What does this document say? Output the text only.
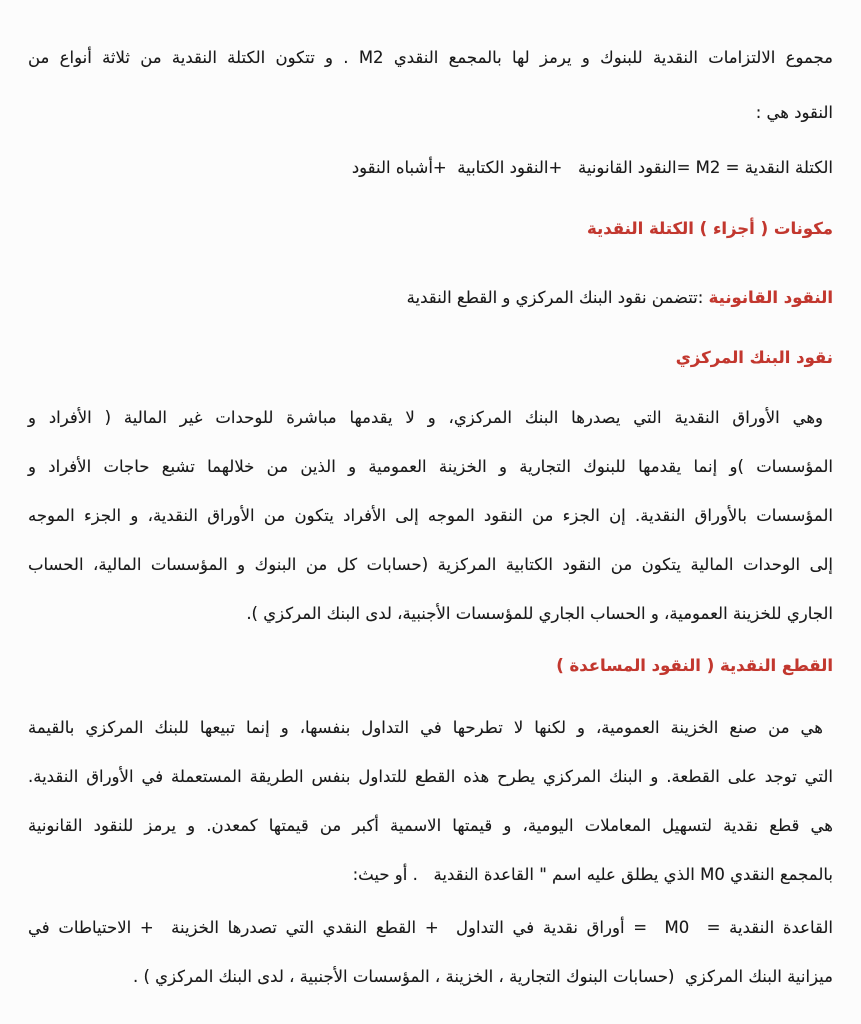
مجموع الالتزامات النقدية للبنوك و يرمز لها بالمجمع النقدي M2 . و تتكون الكتلة النقدية من ثلاثة أنواع من
النقود هي :
الكتلة النقدية = M2 =النقود القانونية   +النقود الكتابية  +أشباه النقود
مكونات ( أجزاء ) الكتلة النقدية
النقود القانونية :تتضمن نقود البنك المركزي و القطع النقدية
نقود البنك المركزي
وهي الأوراق النقدية التي يصدرها البنك المركزي، و لا يقدمها مباشرة للوحدات غير المالية ( الأفراد و
المؤسسات )و إنما يقدمها للبنوك التجارية و الخزينة العمومية و الذين من خلالهما تشبع حاجات الأفراد و
المؤسسات بالأوراق النقدية. إن الجزء من النقود الموجه إلى الأفراد يتكون من الأوراق النقدية، و الجزء الموجه
إلى الوحدات المالية يتكون من النقود الكتابية المركزية (حسابات كل من البنوك و المؤسسات المالية، الحساب
الجاري للخزينة العمومية، و الحساب الجاري للمؤسسات الأجنبية، لدى البنك المركزي ).
القطع النقدية ( النقود المساعدة )
هي من صنع الخزينة العمومية، و لكنها لا تطرحها في التداول بنفسها، و إنما تبيعها للبنك المركزي بالقيمة
التي توجد على القطعة. و البنك المركزي يطرح هذه القطع للتداول بنفس الطريقة المستعملة في الأوراق النقدية.
هي قطع نقدية لتسهيل المعاملات اليومية، و قيمتها الاسمية أكبر من قيمتها كمعدن. و يرمز للنقود القانونية
بالمجمع النقدي M0 الذي يطلق عليه اسم " القاعدة النقدية   . أو حيث:
القاعدة النقدية =  M0  = أوراق نقدية في التداول  + القطع النقدي التي تصدرها الخزينة  + الاحتياطات في
ميزانية البنك المركزي  (حسابات البنوك التجارية ، الخزينة ، المؤسسات الأجنبية ، لدى البنك المركزي ) .
